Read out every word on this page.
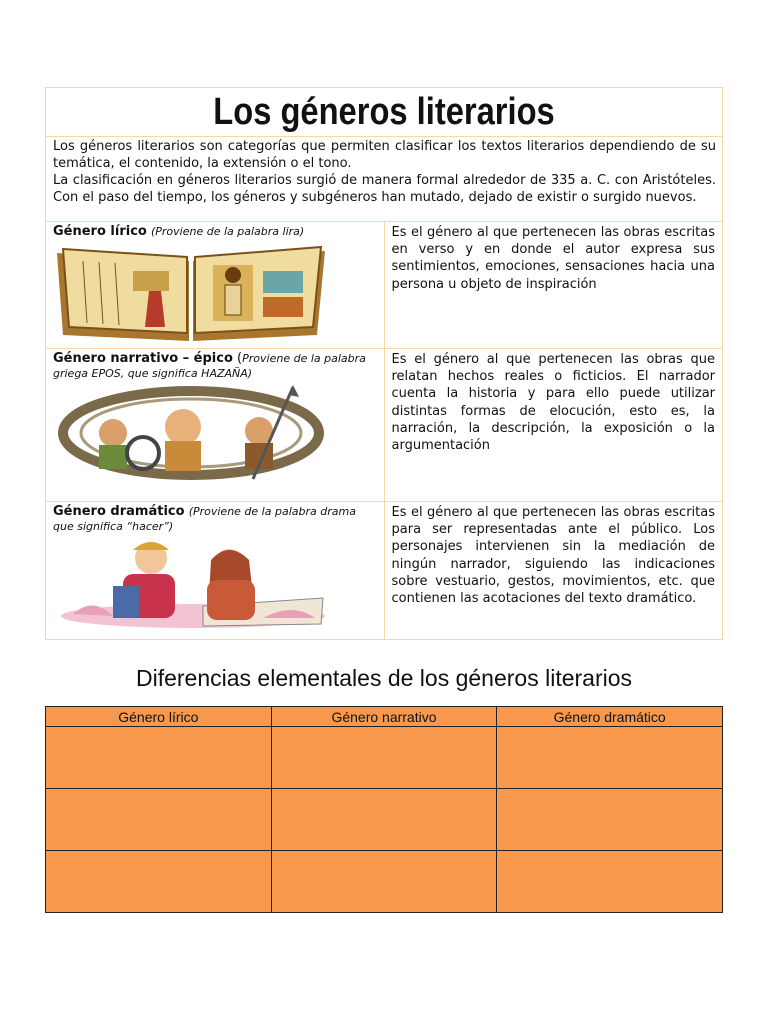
Los géneros literarios	

Los géneros literarios son categorías que permiten clasificar los textos literarios dependiendo de su temática, el contenido, la extensión o el tono.

La clasificación en géneros literarios surgió de manera formal alrededor de 335 a. C. con Aristóteles. Con el paso del tiempo, los géneros y subgéneros han mutado, dejado de existir o surgido nuevos.	

Género lírico (Proviene de la palabra lira)	Es el género al que pertenecen las obras escritas en verso y en donde el autor expresa sus sentimientos, emociones, sensaciones hacia una persona u objeto de inspiración

Género narrativo – épico (Proviene de la palabra griega EPOS, que significa HAZAÑA)	Es el género al que pertenecen las obras que relatan hechos reales o ficticios. El narrador cuenta la historia y para ello puede utilizar distintas formas de elocución, esto es, la narración, la descripción, la exposición o la argumentación

Género dramático (Proviene de la palabra drama que significa “hacer”)	Es el género al que pertenecen las obras escritas para ser representadas ante el público. Los personajes intervienen sin la mediación de ningún narrador, siguiendo las indicaciones sobre vestuario, gestos, movimientos, etc. que contienen las acotaciones del texto dramático.
Diferencias elementales de los géneros literarios
Género lírico	Género narrativo	Género dramático
